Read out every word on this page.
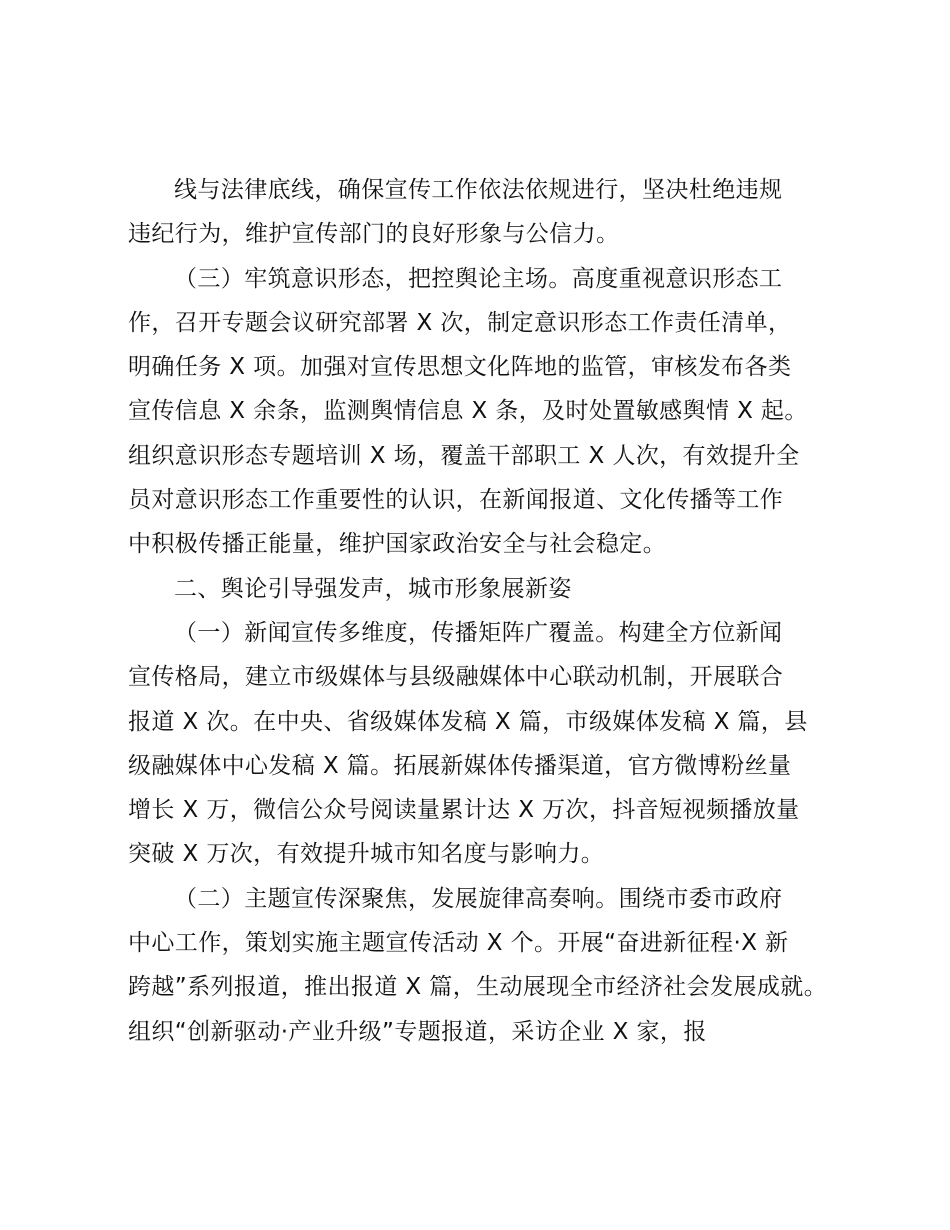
线与法律底线，确保宣传工作依法依规进行，坚决杜绝违规
违纪行为，维护宣传部门的良好形象与公信力。
（三）牢筑意识形态，把控舆论主场。高度重视意识形态工
作，召开专题会议研究部署 X 次，制定意识形态工作责任清单，
明确任务 X 项。加强对宣传思想文化阵地的监管，审核发布各类
宣传信息 X 余条，监测舆情信息 X 条，及时处置敏感舆情 X 起。
组织意识形态专题培训 X 场，覆盖干部职工 X 人次，有效提升全
员对意识形态工作重要性的认识，在新闻报道、文化传播等工作
中积极传播正能量，维护国家政治安全与社会稳定。
二、舆论引导强发声，城市形象展新姿
（一）新闻宣传多维度，传播矩阵广覆盖。构建全方位新闻
宣传格局，建立市级媒体与县级融媒体中心联动机制，开展联合
报道 X 次。在中央、省级媒体发稿 X 篇，市级媒体发稿 X 篇，县
级融媒体中心发稿 X 篇。拓展新媒体传播渠道，官方微博粉丝量
增长 X 万，微信公众号阅读量累计达 X 万次，抖音短视频播放量
突破 X 万次，有效提升城市知名度与影响力。
（二）主题宣传深聚焦，发展旋律高奏响。围绕市委市政府
中心工作，策划实施主题宣传活动 X 个。开展“奋进新征程·X 新
跨越”系列报道，推出报道 X 篇，生动展现全市经济社会发展成就。
组织“创新驱动·产业升级”专题报道，采访企业 X 家，报
